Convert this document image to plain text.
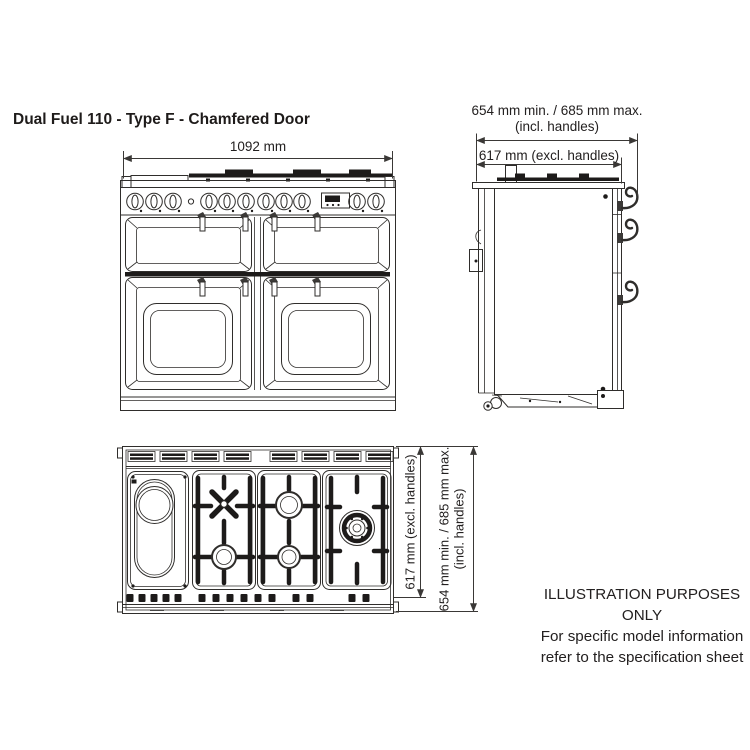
Dual Fuel 110 - Type F - Chamfered Door
1092 mm
654 mm min. / 685 mm max.
(incl. handles)
617 mm (excl. handles)
617 mm (excl. handles) 654 mm min. / 685 mm max. (incl. handles)
ILLUSTRATION PURPOSES ONLY
For specific model information
refer to the specification sheet
